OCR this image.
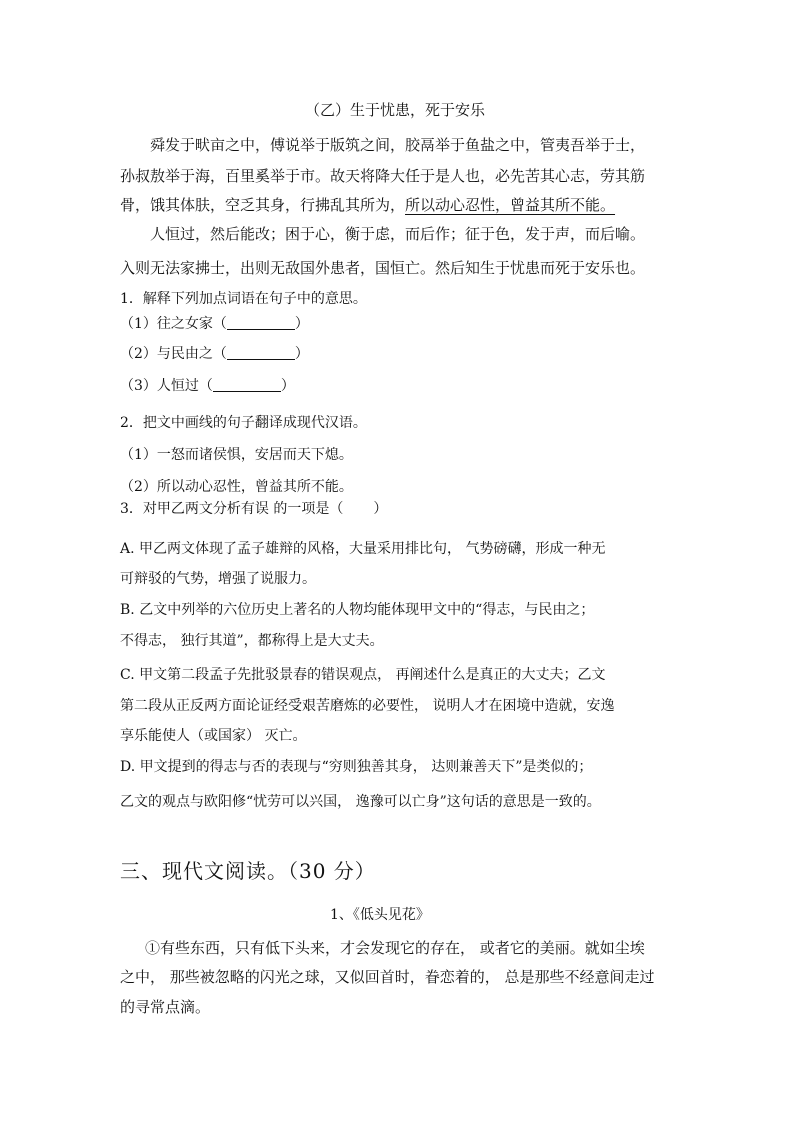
（乙）生于忧患，死于安乐
舜发于畎亩之中，傅说举于版筑之间，胶鬲举于鱼盐之中，管夷吾举于士，
孙叔敖举于海，百里奚举于市。故天将降大任于是人也，必先苦其心志，劳其筋
骨，饿其体肤，空乏其身，行拂乱其所为，所以动心忍性，曾益其所不能。
人恒过，然后能改；困于心，衡于虑，而后作；征于色，发于声，而后喻。
入则无法家拂士，出则无敌国外患者，国恒亡。然后知生于忧患而死于安乐也。
1．解释下列加点词语在句子中的意思。
（1）往之女家（	）
（2）与民由之（	）
（3）人恒过（	）
2．把文中画线的句子翻译成现代汉语。
（1）一怒而诸侯惧，安居而天下熄。
（2）所以动心忍性，曾益其所不能。
3．对甲乙两文分析有误 的一项是（ ）
A. 甲乙两文体现了孟子雄辩的风格，大量采用排比句， 气势磅礴，形成一种无
可辩驳的气势，增强了说服力。
B. 乙文中列举的六位历史上著名的人物均能体现甲文中的“得志，与民由之；
不得志， 独行其道”，都称得上是大丈夫。
C. 甲文第二段孟子先批驳景春的错误观点， 再阐述什么是真正的大丈夫；乙文
第二段从正反两方面论证经受艰苦磨炼的必要性， 说明人才在困境中造就，安逸
享乐能使人（或国家） 灭亡。
D. 甲文提到的得志与否的表现与“穷则独善其身， 达则兼善天下”是类似的；
乙文的观点与欧阳修“忧劳可以兴国， 逸豫可以亡身”这句话的意思是一致的。
三、现代文阅读。（30 分）
1、《低头见花》
①有些东西，只有低下头来，才会发现它的存在， 或者它的美丽。就如尘埃
之中， 那些被忽略的闪光之球，又似回首时，眷恋着的， 总是那些不经意间走过
的寻常点滴。
